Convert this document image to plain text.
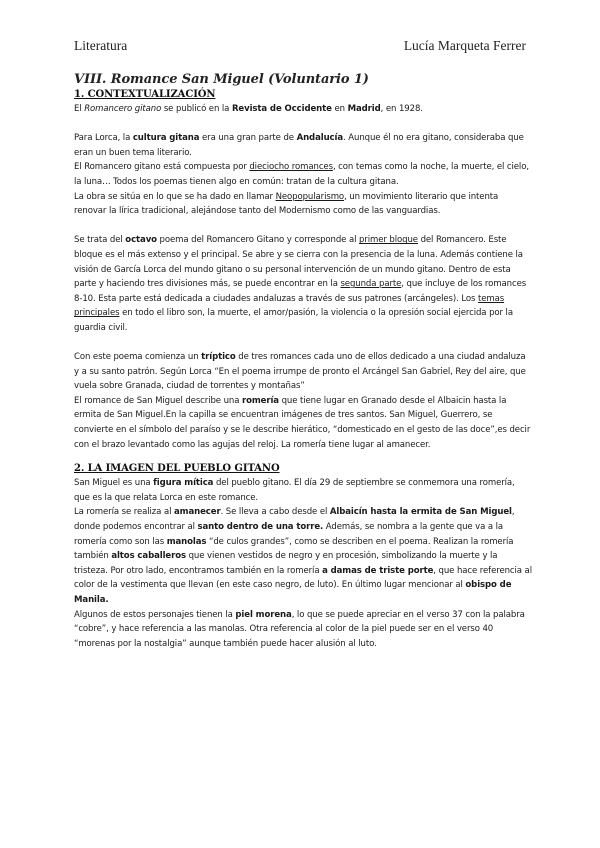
Literatura	Lucía Marqueta Ferrer
VIII. Romance San Miguel (Voluntario 1)
1. CONTEXTUALIZACIÓN

El Romancero gitano se publicó en la Revista de Occidente en Madrid, en 1928.

Para Lorca, la cultura gitana era una gran parte de Andalucía. Aunque él no era gitano, consideraba que eran un buen tema literario.

El Romancero gitano está compuesta por dieciocho romances, con temas como la noche, la muerte, el cielo, la luna… Todos los poemas tienen algo en común: tratan de la cultura gitana.

La obra se sitúa en lo que se ha dado en llamar Neopopularismo, un movimiento literario que intenta renovar la lírica tradicional, alejándose tanto del Modernismo como de las vanguardias.

Se trata del octavo poema del Romancero Gitano y corresponde al primer bloque del Romancero. Este bloque es el más extenso y el principal. Se abre y se cierra con la presencia de la luna. Además contiene la visión de García Lorca del mundo gitano o su personal intervención de un mundo gitano. Dentro de esta parte y haciendo tres divisiones más, se puede encontrar en la segunda parte, que incluye de los romances 8-10. Esta parte está dedicada a ciudades andaluzas a través de sus patrones (arcángeles). Los temas principales en todo el libro son, la muerte, el amor/pasión, la violencia o la opresión social ejercida por la guardia civil.

Con este poema comienza un tríptico de tres romances cada uno de ellos dedicado a una ciudad andaluza y a su santo patrón. Según Lorca “En el poema irrumpe de pronto el Arcángel San Gabriel, Rey del aire, que vuela sobre Granada, ciudad de torrentes y montañas”

El romance de San Miguel describe una romería que tiene lugar en Granado desde el Albaicin hasta la ermita de San Miguel.En la capilla se encuentran imágenes de tres santos. San Miguel, Guerrero, se convierte en el símbolo del paraíso y se le describe hierático, “domesticado en el gesto de las doce”,es decir con el brazo levantado como las agujas del reloj. La romería tiene lugar al amanecer.

2. LA IMAGEN DEL PUEBLO GITANO

San Miguel es una figura mítica del pueblo gitano. El día 29 de septiembre se conmemora una romería, que es la que relata Lorca en este romance.

La romería se realiza al amanecer. Se lleva a cabo desde el Albaicín hasta la ermita de San Miguel, donde podemos encontrar al santo dentro de una torre. Además, se nombra a la gente que va a la romería como son las manolas “de culos grandes”, como se describen en el poema. Realizan la romería también altos caballeros que vienen vestidos de negro y en procesión, simbolizando la muerte y la tristeza. Por otro lado, encontramos también en la romería a damas de triste porte, que hace referencia al color de la vestimenta que llevan (en este caso negro, de luto). En último lugar mencionar al obispo de Manila.

Algunos de estos personajes tienen la piel morena, lo que se puede apreciar en el verso 37 con la palabra “cobre”, y hace referencia a las manolas. Otra referencia al color de la piel puede ser en el verso 40 “morenas por la nostalgia” aunque también puede hacer alusión al luto.
